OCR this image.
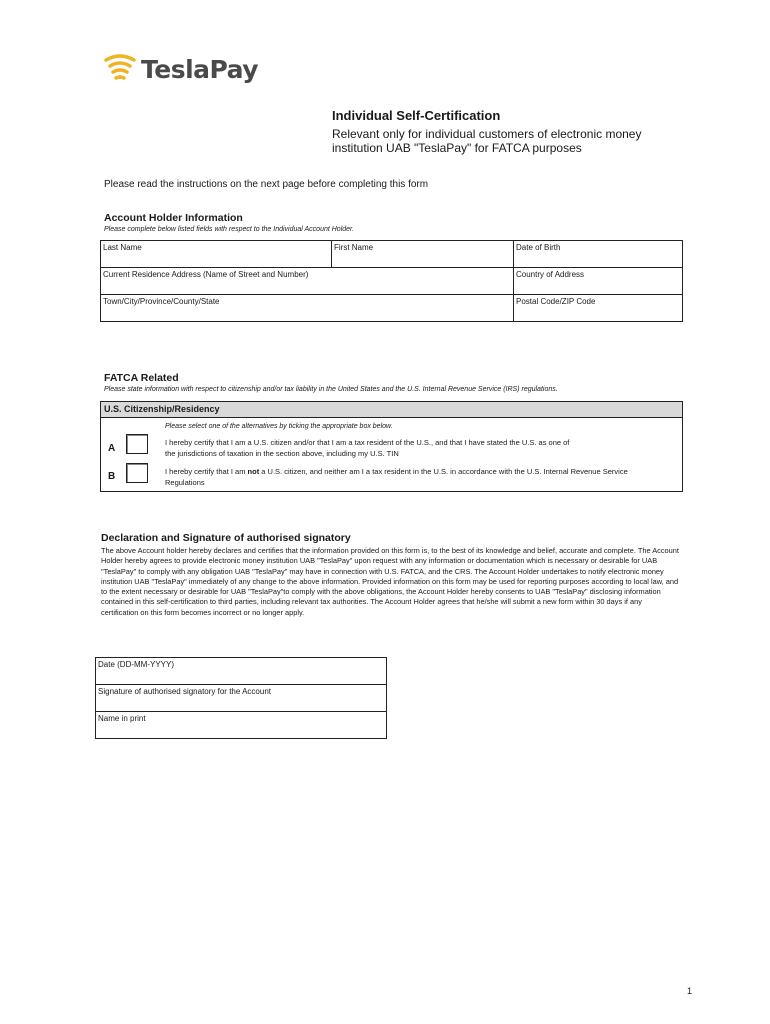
TeslaPay
Individual Self-Certification
Relevant only for individual customers of electronic money institution UAB "TeslaPay" for FATCA purposes
Please read the instructions on the next page before completing this form
Account Holder Information
Please complete below listed fields with respect to the Individual Account Holder.
Last Name	First Name	Date of Birth
Current Residence Address (Name of Street and Number)		Country of Address
Town/City/Province/County/State		Postal Code/ZIP Code
FATCA Related
Please state information with respect to citizenship and/or tax liability in the United States and the U.S. Internal Revenue Service (IRS) regulations.
U.S. Citizenship/Residency
Please select one of the alternatives by ticking the appropriate box below.
A
I hereby certify that I am a U.S. citizen and/or that I am a tax resident of the U.S., and that I have stated the U.S. as one of
the jurisdictions of taxation in the section above, including my U.S. TIN
B	I hereby certify that I am not a U.S. citizen, and neither am I a tax resident in the U.S. in accordance with the U.S. Internal Revenue Service
Regulations
Declaration and Signature of authorised signatory
The above Account holder hereby declares and certifies that the information provided on this form is, to the best of its knowledge and belief, accurate and complete. The Account Holder hereby agrees to provide electronic money institution UAB "TeslaPay" upon request with any information or documentation which is necessary or desirable for UAB "TeslaPay" to comply with any obligation UAB "TeslaPay" may have in connection with U.S. FATCA, and the CRS. The Account Holder undertakes to notify electronic money institution UAB "TeslaPay" immediately of any change to the above information. Provided information on this form may be used for reporting purposes according to local law, and to the extent necessary or desirable for UAB "TeslaPay"to comply with the above obligations, the Account Holder hereby consents to UAB "TeslaPay" disclosing information contained in this self-certification to third parties, including relevant tax authorities. The Account Holder agrees that he/she will submit a new form within 30 days if any certification on this form becomes incorrect or no longer apply.
Date (DD-MM-YYYY)
Signature of authorised signatory for the Account
Name in print
1
